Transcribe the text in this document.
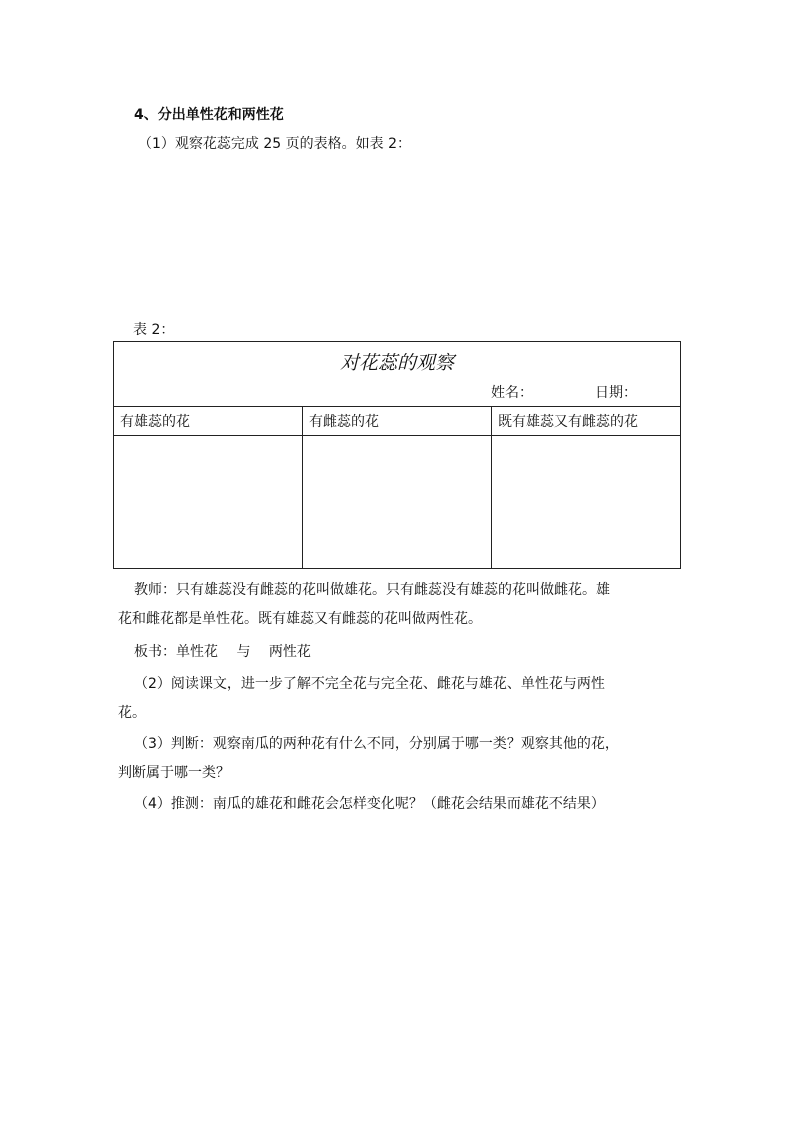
4、分出单性花和两性花
（1）观察花蕊完成 25 页的表格。如表 2：
表 2：
对花蕊的观察
姓名： 日期：		

有雄蕊的花	有雌蕊的花	既有雄蕊又有雌蕊的花

教师：只有雄蕊没有雌蕊的花叫做雄花。只有雌蕊没有雄蕊的花叫做雌花。雄
花和雌花都是单性花。既有雄蕊又有雌蕊的花叫做两性花。
板书：单性花 与 两性花
（2）阅读课文，进一步了解不完全花与完全花、雌花与雄花、单性花与两性
花。
（3）判断：观察南瓜的两种花有什么不同，分别属于哪一类？观察其他的花，
判断属于哪一类？
（4）推测：南瓜的雄花和雌花会怎样变化呢？（雌花会结果而雄花不结果）
